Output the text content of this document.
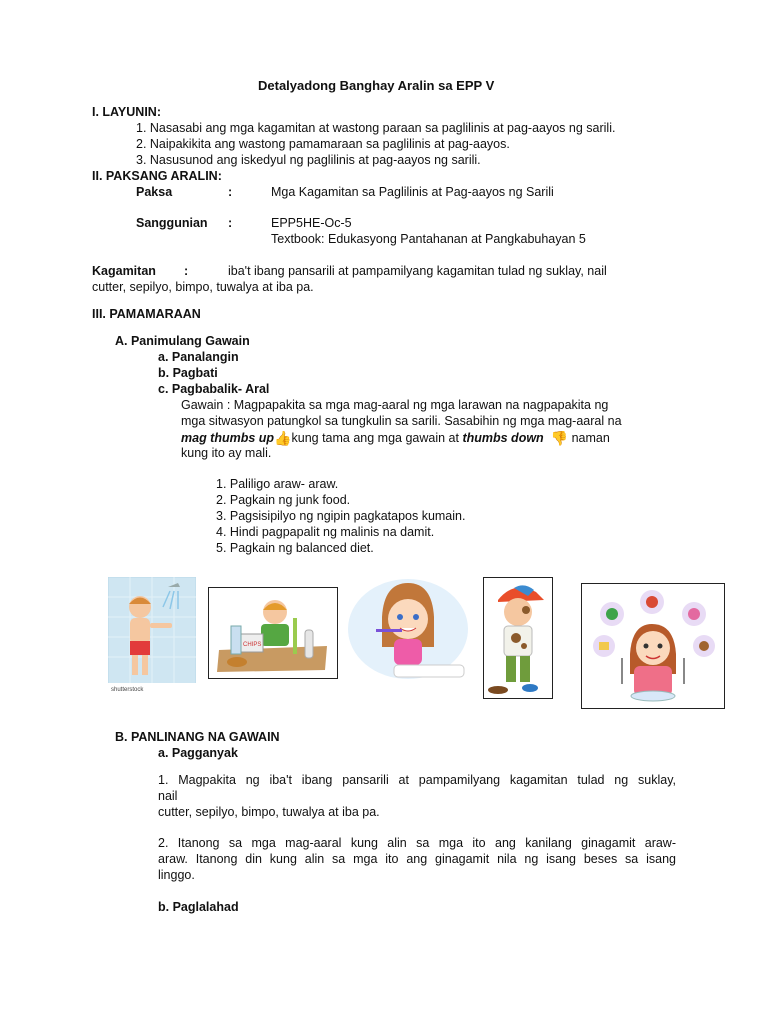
Detalyadong Banghay Aralin sa EPP V
I. LAYUNIN:
1. Nasasabi ang mga kagamitan at wastong paraan sa paglilinis at pag-aayos ng sarili.
2. Naipakikita ang wastong pamamaraan sa paglilinis at pag-aayos.
3. Nasusunod ang iskedyul ng paglilinis at pag-aayos ng sarili.
II. PAKSANG ARALIN:
Paksa	:	Mga Kagamitan sa Paglilinis at Pag-aayos ng Sarili
Sanggunian :	EPP5HE-Oc-5
Textbook: Edukasyong Pantahanan at Pangkabuhayan 5
Kagamitan :	iba't ibang pansarili at pampamilyang kagamitan tulad ng suklay, nail
cutter, sepilyo, bimpo, tuwalya at iba pa.
III. PAMAMARAAN
A. Panimulang Gawain
a. Panalangin
b. Pagbati
c. Pagbabalik- Aral
Gawain : Magpapakita sa mga mag-aaral ng mga larawan na nagpapakita ng
mga sitwasyon patungkol sa tungkulin sa sarili. Sasabihin ng mga mag-aaral na
mag thumbs up👍kung tama ang mga gawain at thumbs down 👎 naman
kung ito ay mali.
1. Paliligo araw- araw.
2. Pagkain ng junk food.
3. Pagsisipilyo ng ngipin pagkatapos kumain.
4. Hindi pagpapalit ng malinis na damit.
5. Pagkain ng balanced diet.
shutterstock
CHIPS
B. PANLINANG NA GAWAIN
a. Pagganyak
1. Magpakita ng iba't ibang pansarili at pampamilyang kagamitan tulad ng suklay,
nail
cutter, sepilyo, bimpo, tuwalya at iba pa.
2. Itanong sa mga mag-aaral kung alin sa mga ito ang kanilang ginagamit araw-
araw. Itanong din kung alin sa mga ito ang ginagamit nila ng isang beses sa isang
linggo.
b. Paglalahad
